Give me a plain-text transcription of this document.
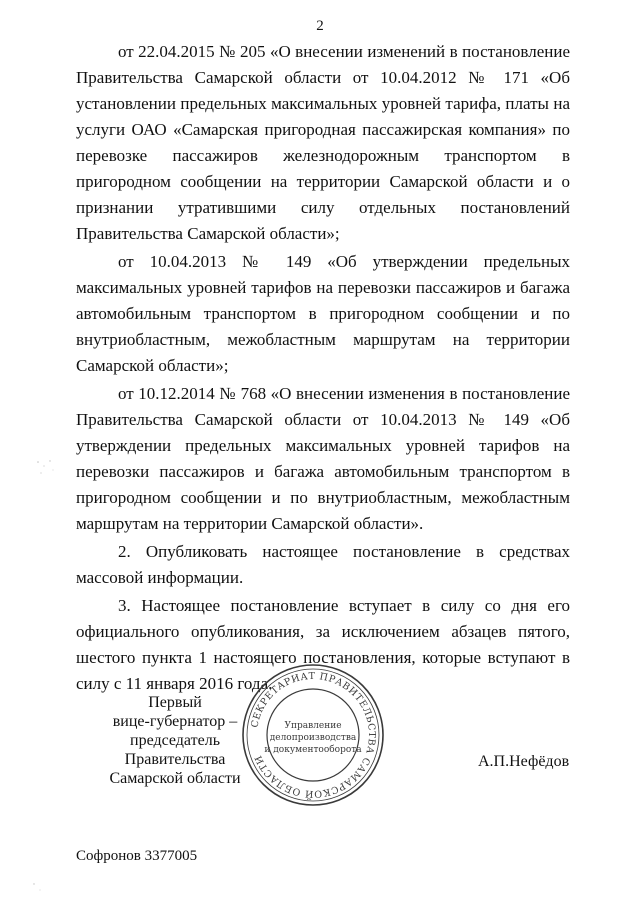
2

от 22.04.2015 № 205 «О внесении изменений в постановление Правительства Самарской области от 10.04.2012 № 171 «Об установлении предельных максимальных уровней тарифа, платы на услуги ОАО «Самарская пригородная пассажирская компания» по перевозке пассажиров железнодорожным транспортом в пригородном сообщении на территории Самарской области и о признании утратившими силу отдельных постановлений Правительства Самарской области»;

от 10.04.2013 № 149 «Об утверждении предельных максимальных уровней тарифов на перевозки пассажиров и багажа автомобильным транспортом в пригородном сообщении и по внутриобластным, межобластным маршрутам на территории Самарской области»;

от 10.12.2014 № 768 «О внесении изменения в постановление Правительства Самарской области от 10.04.2013 № 149 «Об утверждении предельных максимальных уровней тарифов на перевозки пассажиров и багажа автомобильным транспортом в пригородном сообщении и по внутриобластным, межобластным маршрутам на территории Самарской области».

2. Опубликовать настоящее постановление в средствах массовой информации.

3. Настоящее постановление вступает в силу со дня его официального опубликования, за исключением абзацев пятого, шестого пункта 1 настоящего постановления, которые вступают в силу с 11 января 2016 года.

Первый
вице-губернатор –
председатель Правительства
Самарской области
СЕКРЕТАРИАТ ПРАВИТЕЛЬСТВА САМАРСКОЙ ОБЛАСТИ
Управление
делопроизводства
и документооборота
А.П.Нефёдов
Софронов 3377005
